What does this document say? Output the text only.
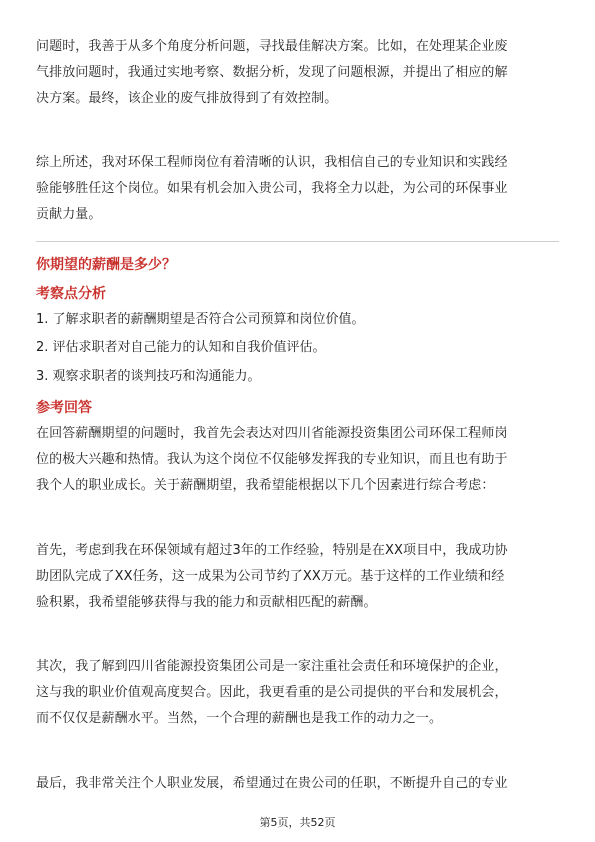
问题时，我善于从多个角度分析问题，寻找最佳解决方案。比如，在处理某企业废
气排放问题时，我通过实地考察、数据分析，发现了问题根源，并提出了相应的解
决方案。最终，该企业的废气排放得到了有效控制。

综上所述，我对环保工程师岗位有着清晰的认识，我相信自己的专业知识和实践经
验能够胜任这个岗位。如果有机会加入贵公司，我将全力以赴，为公司的环保事业
贡献力量。

你期望的薪酬是多少？
考察点分析
1. 了解求职者的薪酬期望是否符合公司预算和岗位价值。
2. 评估求职者对自己能力的认知和自我价值评估。
3. 观察求职者的谈判技巧和沟通能力。
参考回答

在回答薪酬期望的问题时，我首先会表达对四川省能源投资集团公司环保工程师岗
位的极大兴趣和热情。我认为这个岗位不仅能够发挥我的专业知识，而且也有助于
我个人的职业成长。关于薪酬期望，我希望能根据以下几个因素进行综合考虑：

首先，考虑到我在环保领域有超过3年的工作经验，特别是在XX项目中，我成功协
助团队完成了XX任务，这一成果为公司节约了XX万元。基于这样的工作业绩和经
验积累，我希望能够获得与我的能力和贡献相匹配的薪酬。

其次，我了解到四川省能源投资集团公司是一家注重社会责任和环境保护的企业，
这与我的职业价值观高度契合。因此，我更看重的是公司提供的平台和发展机会，
而不仅仅是薪酬水平。当然，一个合理的薪酬也是我工作的动力之一。

最后，我非常关注个人职业发展，希望通过在贵公司的任职，不断提升自己的专业

第5页，共52页
